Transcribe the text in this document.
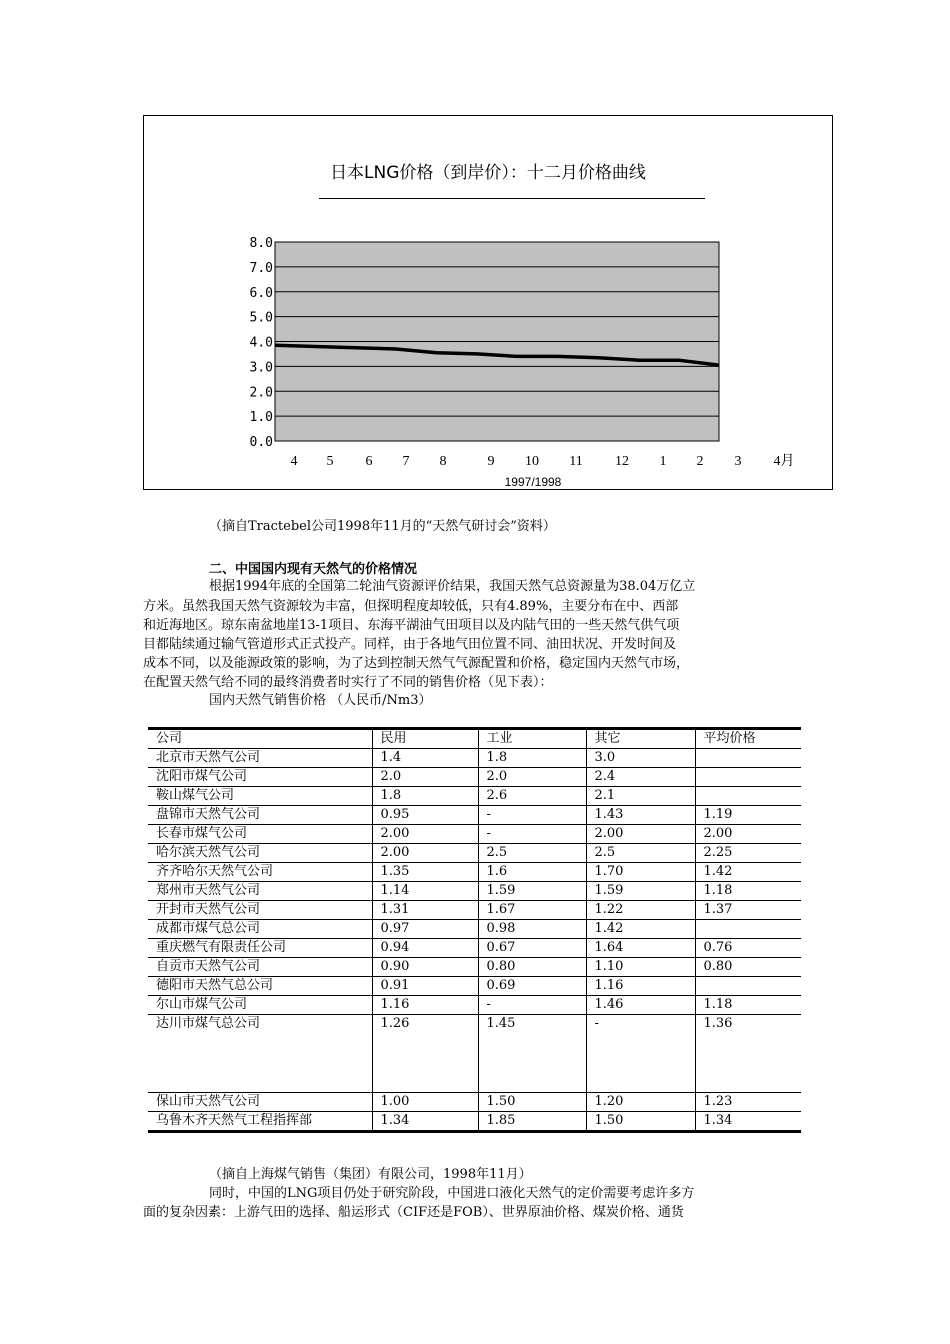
日本LNG价格（到岸价）：十二月价格曲线
8.0
7.0
6.0
5.0
4.0
3.0
2.0
1.0
0.0
4 5 6 7 8	9 10 11 12 1 2 3 4月
1997/1998
（摘自Tractebel公司1998年11月的“天然气研讨会”资料）
二、中国国内现有天然气的价格情况
根据1994年底的全国第二轮油气资源评价结果，我国天然气总资源量为38.04万亿立
方米。虽然我国天然气资源较为丰富，但探明程度却较低，只有4.89%，主要分布在中、西部
和近海地区。琼东南盆地崖13-1项目、东海平湖油气田项目以及内陆气田的一些天然气供气项
目都陆续通过输气管道形式正式投产。同样，由于各地气田位置不同、油田状况、开发时间及
成本不同，以及能源政策的影响，为了达到控制天然气气源配置和价格，稳定国内天然气市场，
在配置天然气给不同的最终消费者时实行了不同的销售价格（见下表）：
国内天然气销售价格 （人民币/Nm3）
公司	民用	工业	其它	平均价格
北京市天然气公司	1.4	1.8	3.0	
沈阳市煤气公司	2.0	2.0	2.4	
鞍山煤气公司	1.8	2.6	2.1	
盘锦市天然气公司	0.95	-	1.43	1.19
长春市煤气公司	2.00	-	2.00	2.00
哈尔滨天然气公司	2.00	2.5	2.5	2.25
齐齐哈尔天然气公司	1.35	1.6	1.70	1.42
郑州市天然气公司	1.14	1.59	1.59	1.18
开封市天然气公司	1.31	1.67	1.22	1.37
成都市煤气总公司	0.97	0.98	1.42	
重庆燃气有限责任公司	0.94	0.67	1.64	0.76
自贡市天然气公司	0.90	0.80	1.10	0.80
德阳市天然气总公司	0.91	0.69	1.16	
尔山市煤气公司	1.16	-	1.46	1.18
达川市煤气总公司	1.26	1.45	-	1.36
保山市天然气公司	1.00	1.50	1.20	1.23
乌鲁木齐天然气工程指挥部	1.34	1.85	1.50	1.34
（摘自上海煤气销售（集团）有限公司，1998年11月）
同时，中国的LNG项目仍处于研究阶段，中国进口液化天然气的定价需要考虑许多方
面的复杂因素：上游气田的选择、船运形式（CIF还是FOB）、世界原油价格、煤炭价格、通货
